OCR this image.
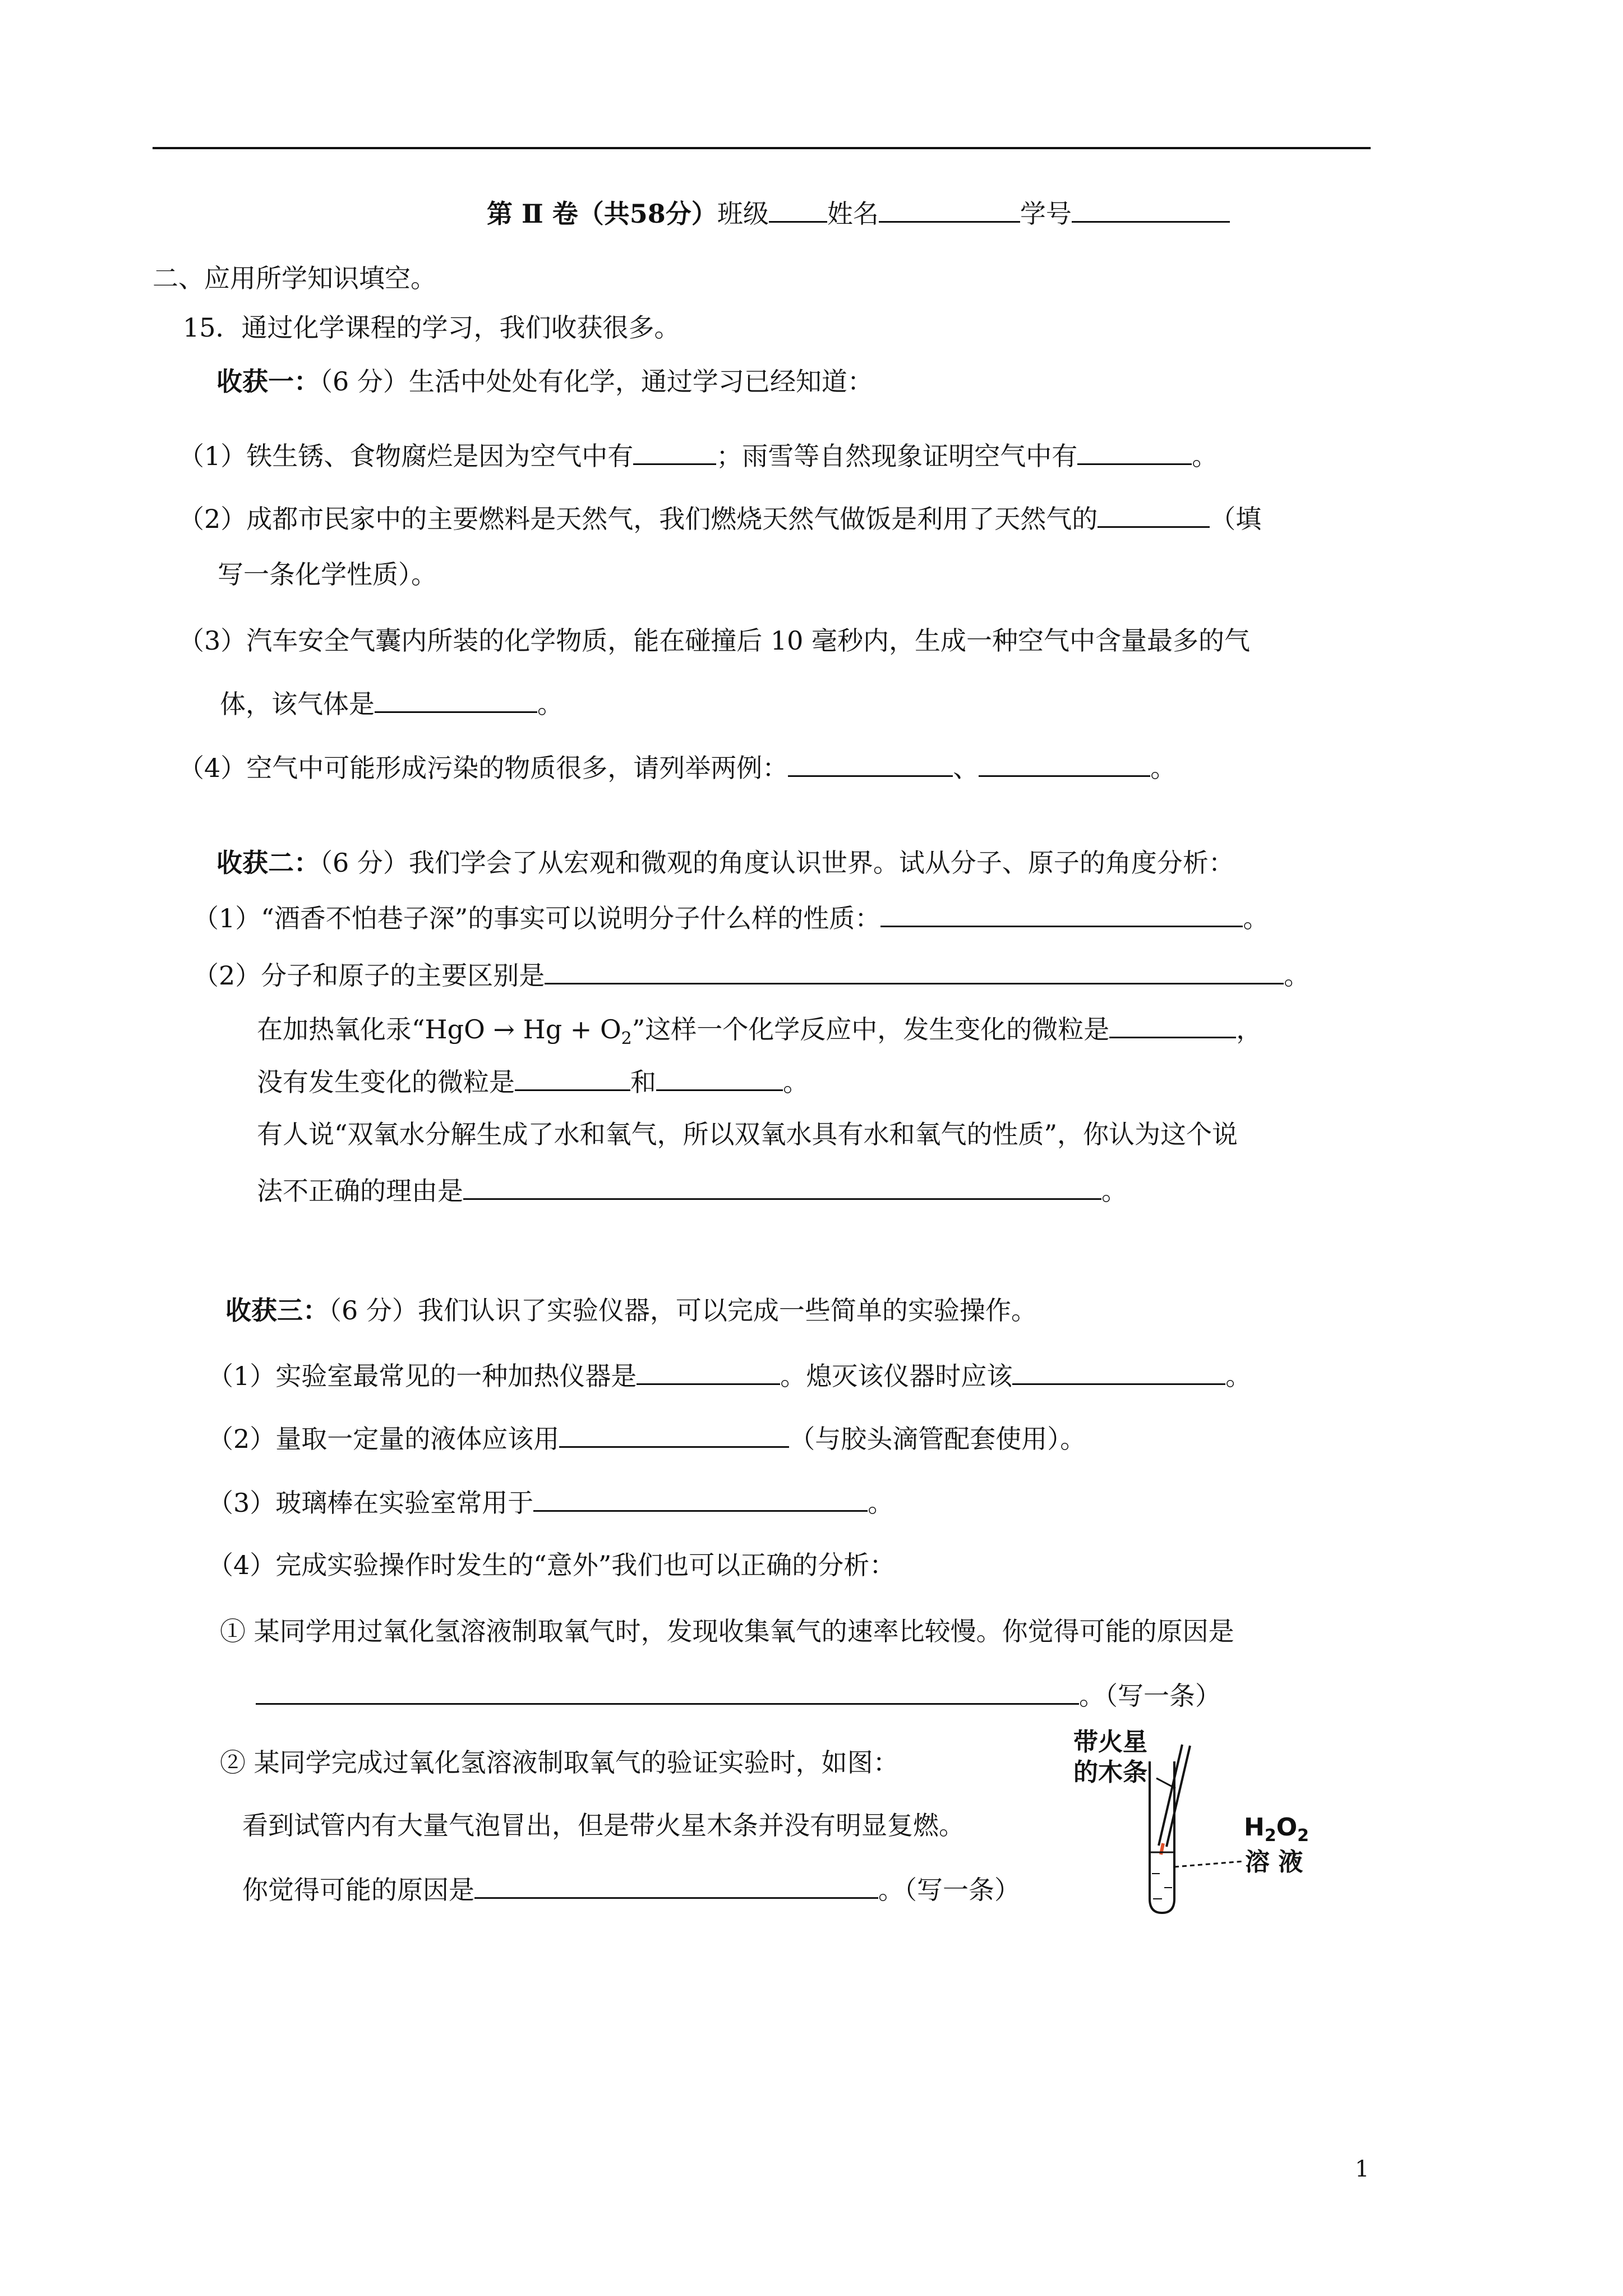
第 Ⅱ 卷（共58分）班级 姓名	学号
二、应用所学知识填空。
15．通过化学课程的学习，我们收获很多。
收获一：（6 分）生活中处处有化学，通过学习已经知道：
（1）铁生锈、食物腐烂是因为空气中有	；雨雪等自然现象证明空气中有	。
（2）成都市民家中的主要燃料是天然气，我们燃烧天然气做饭是利用了天然气的	（填
写一条化学性质）。
（3）汽车安全气囊内所装的化学物质，能在碰撞后 10 毫秒内，生成一种空气中含量最多的气
体，该气体是	。
（4）空气中可能形成污染的物质很多，请列举两例：	、	。
收获二：（6 分）我们学会了从宏观和微观的角度认识世界。试从分子、原子的角度分析：
（1）“酒香不怕巷子深”的事实可以说明分子什么样的性质：	。
（2）分子和原子的主要区别是	。
在加热氧化汞“HgO → $Hg + O_2$”这样一个化学反应中，发生变化的微粒是	，
没有发生变化的微粒是	和	。
有人说“双氧水分解生成了水和氧气，所以双氧水具有水和氧气的性质”，你认为这个说
法不正确的理由是	。
收获三：（6 分）我们认识了实验仪器，可以完成一些简单的实验操作。
（1）实验室最常见的一种加热仪器是	。熄灭该仪器时应该	。
（2）量取一定量的液体应该用	（与胶头滴管配套使用）。
（3）玻璃棒在实验室常用于	。
（4）完成实验操作时发生的“意外”我们也可以正确的分析：
① 某同学用过氧化氢溶液制取氧气时，发现收集氧气的速率比较慢。你觉得可能的原因是
。（写一条）
② 某同学完成过氧化氢溶液制取氧气的验证实验时，如图：
看到试管内有大量气泡冒出，但是带火星木条并没有明显复燃。
你觉得可能的原因是	。（写一条）
带火星
的木条
$H_2O_2$
溶 液
1
